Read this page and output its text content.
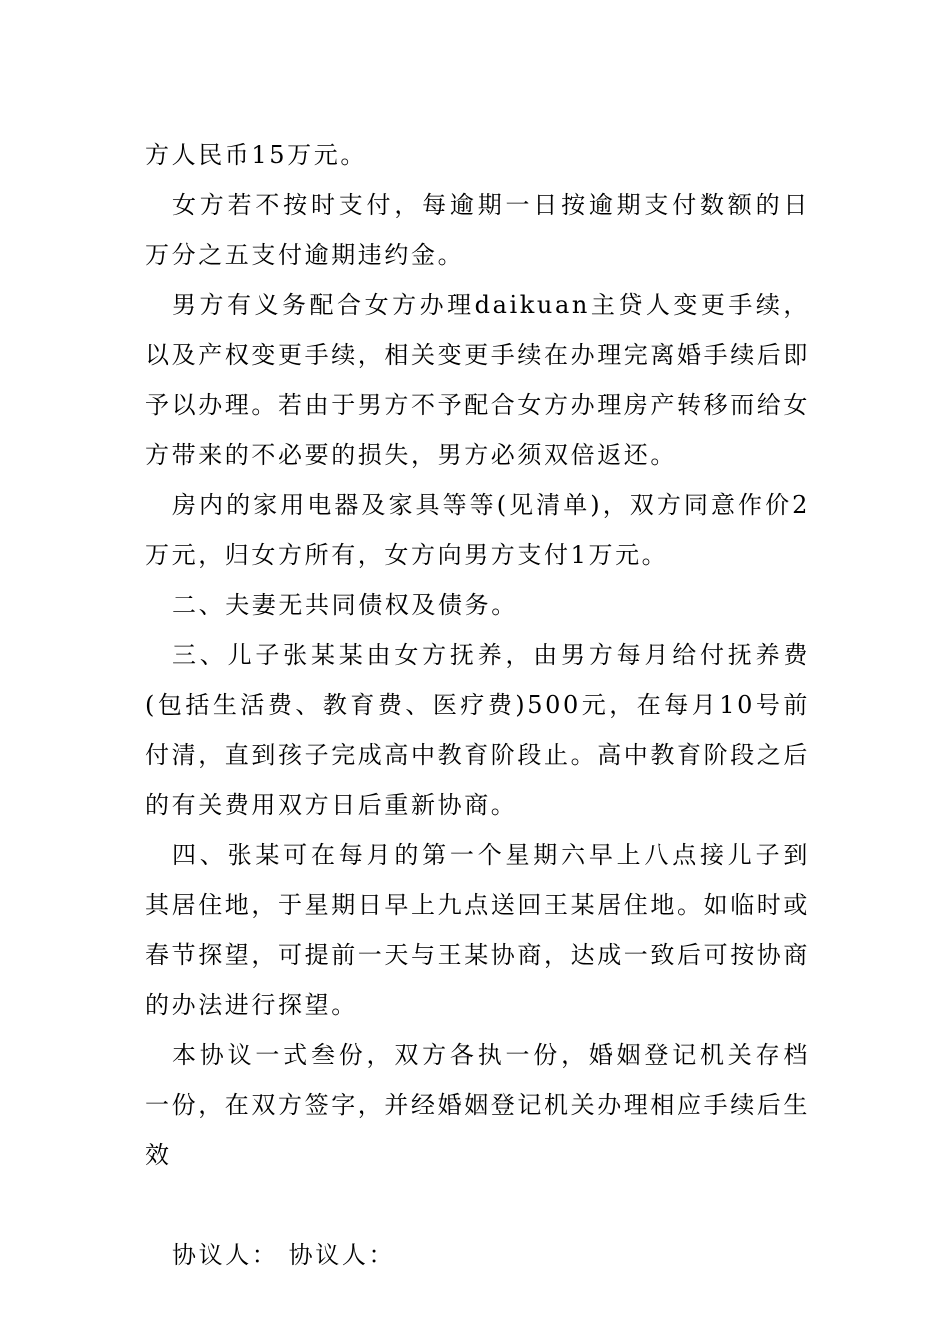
方人民币15万元。

女方若不按时支付，每逾期一日按逾期支付数额的日万分之五支付逾期违约金。

男方有义务配合女方办理daikuan主贷人变更手续，以及产权变更手续，相关变更手续在办理完离婚手续后即予以办理。若由于男方不予配合女方办理房产转移而给女方带来的不必要的损失，男方必须双倍返还。

房内的家用电器及家具等等(见清单)，双方同意作价2万元，归女方所有，女方向男方支付1万元。

二、夫妻无共同债权及债务。

三、儿子张某某由女方抚养，由男方每月给付抚养费(包括生活费、教育费、医疗费)500元，在每月10号前付清，直到孩子完成高中教育阶段止。高中教育阶段之后的有关费用双方日后重新协商。

四、张某可在每月的第一个星期六早上八点接儿子到其居住地，于星期日早上九点送回王某居住地。如临时或春节探望，可提前一天与王某协商，达成一致后可按协商的办法进行探望。

本协议一式叁份，双方各执一份，婚姻登记机关存档一份，在双方签字，并经婚姻登记机关办理相应手续后生效

协议人： 协议人：
